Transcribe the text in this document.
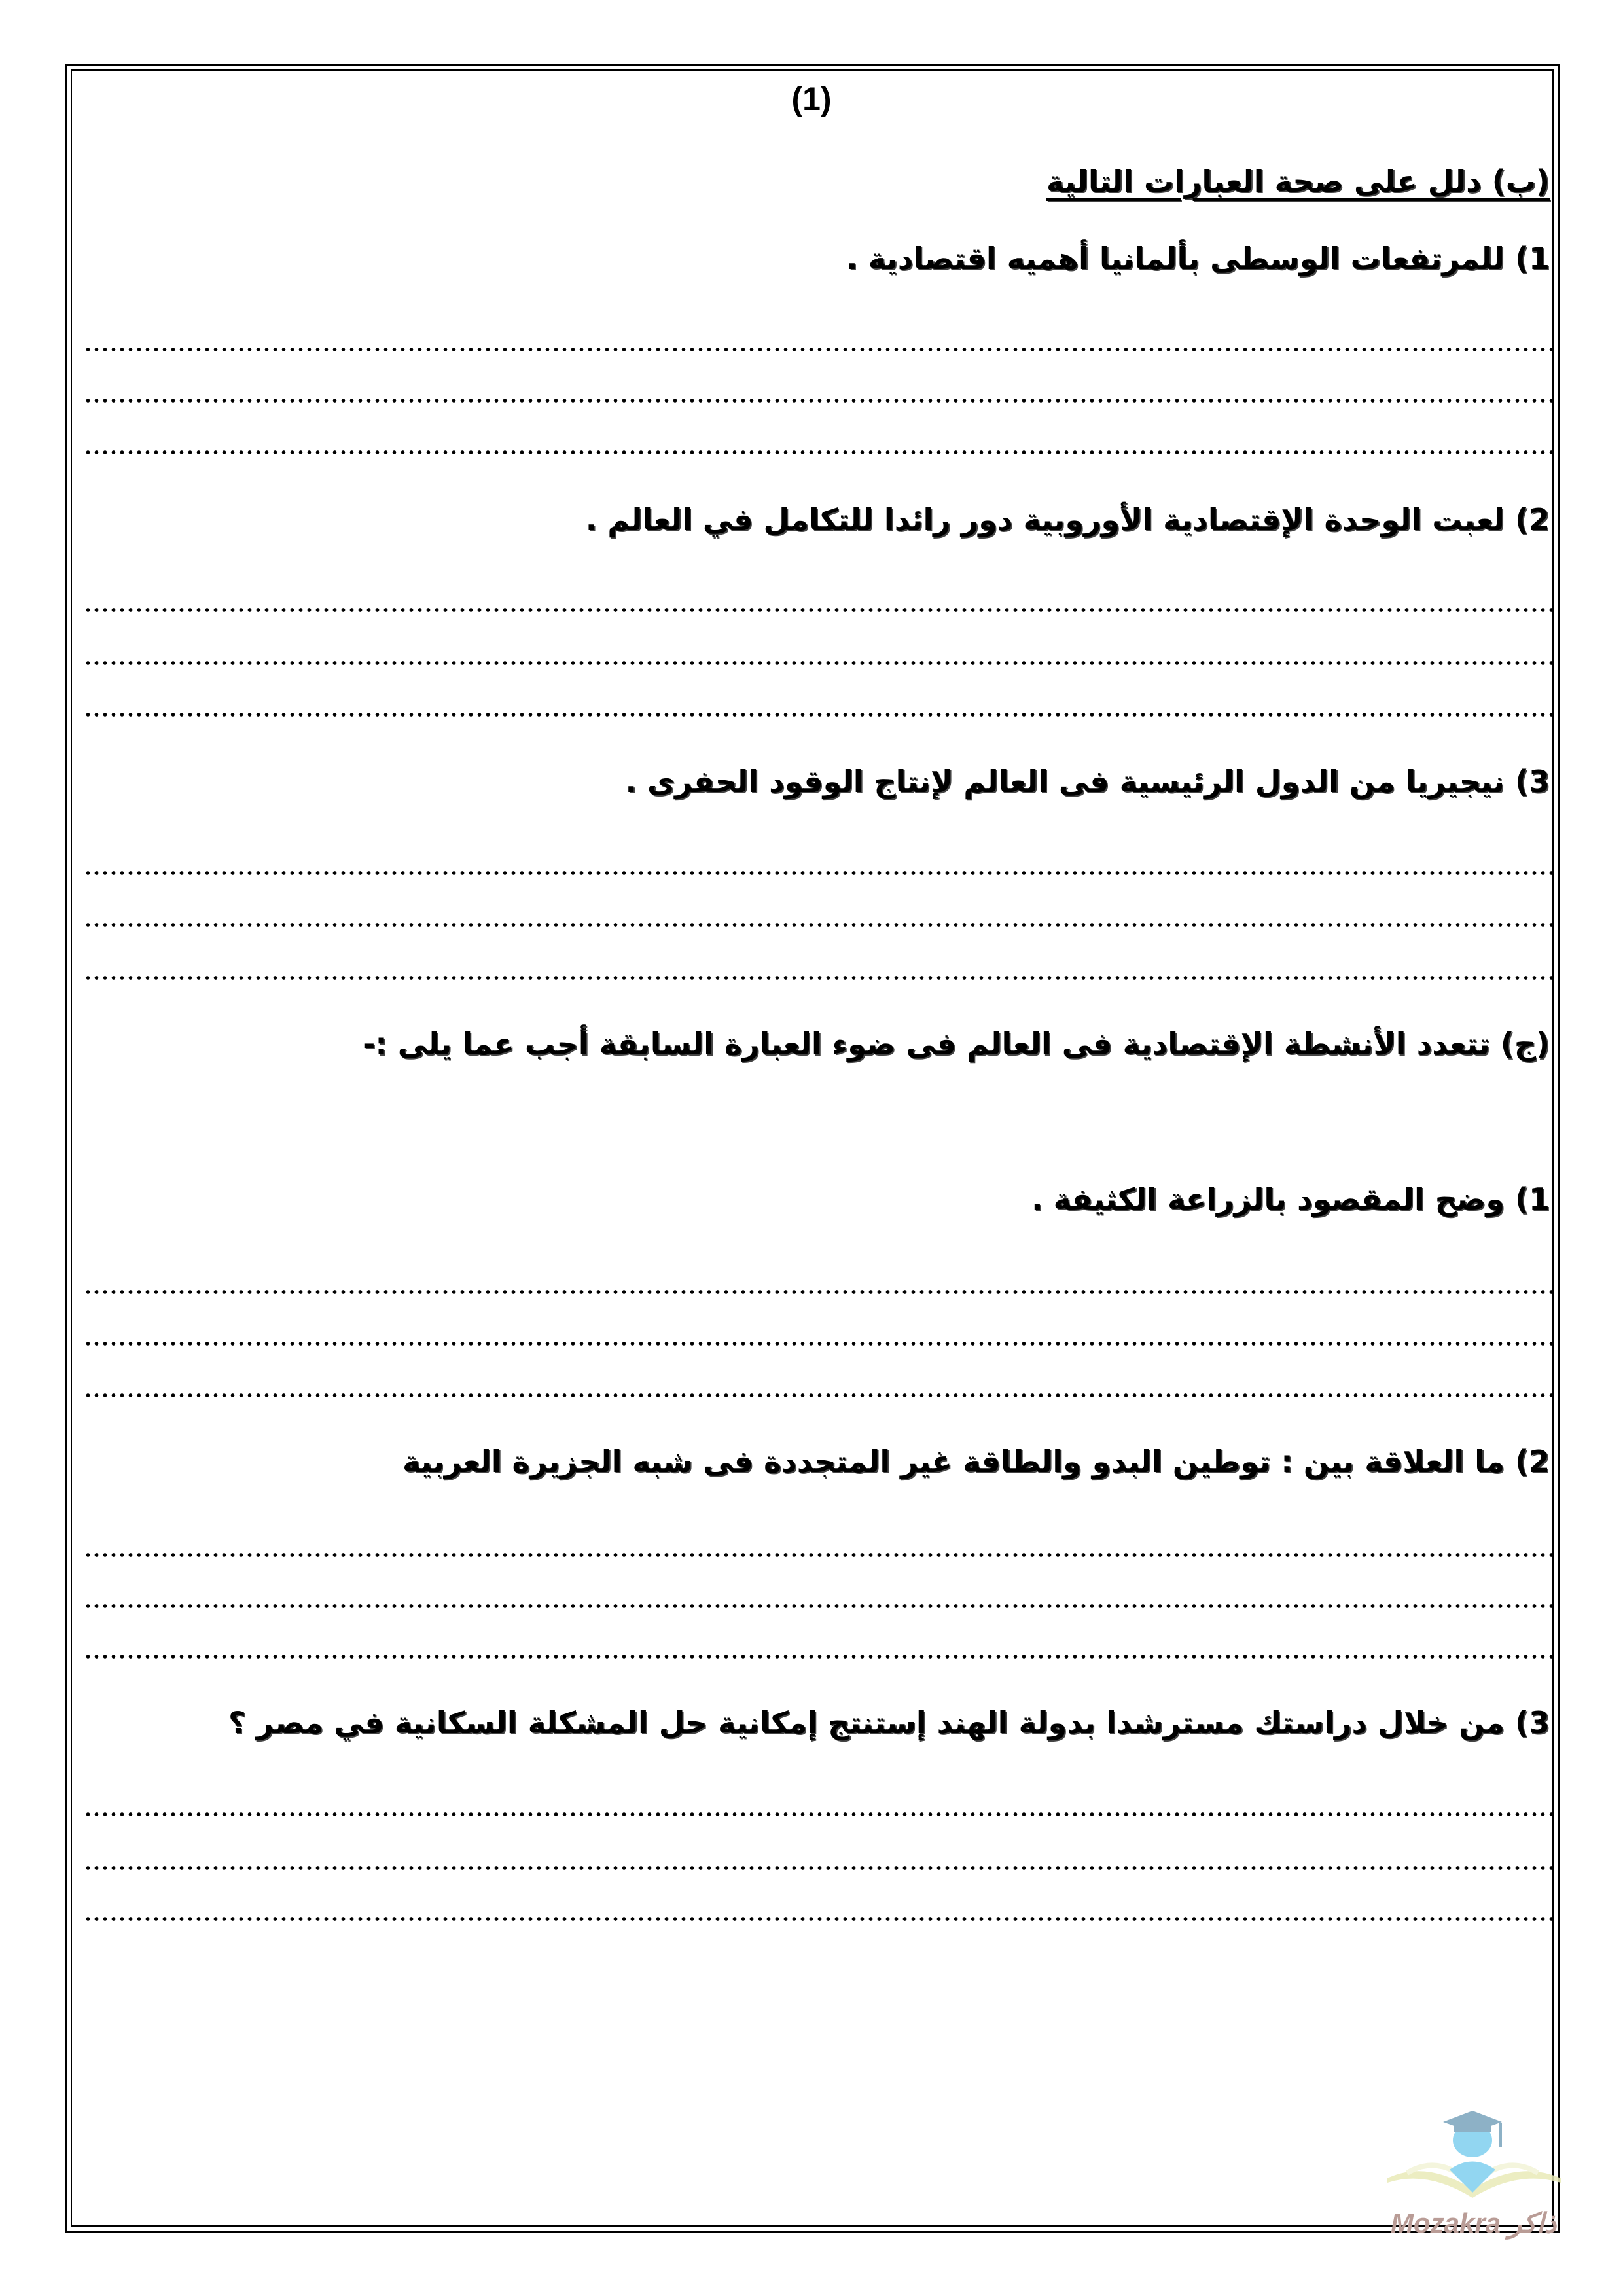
(1)
(ب) دلل على صحة العبارات التالية
1) للمرتفعات الوسطى بألمانيا أهميه اقتصادية .
2) لعبت الوحدة الإقتصادية الأوروبية دور رائدا للتكامل في العالم .
3) نيجيريا من الدول الرئيسية فى العالم لإنتاج الوقود الحفرى .
(ج) تتعدد الأنشطة الإقتصادية فى العالم فى ضوء العبارة السابقة أجب عما يلى :-
1) وضح المقصود بالزراعة الكثيفة .
2) ما العلاقة بين : توطين البدو والطاقة غير المتجددة فى شبه الجزيرة العربية
3) من خلال دراستك مسترشدا بدولة الهند إستنتج إمكانية حل المشكلة السكانية في مصر ؟
Mozakra ذاكر
